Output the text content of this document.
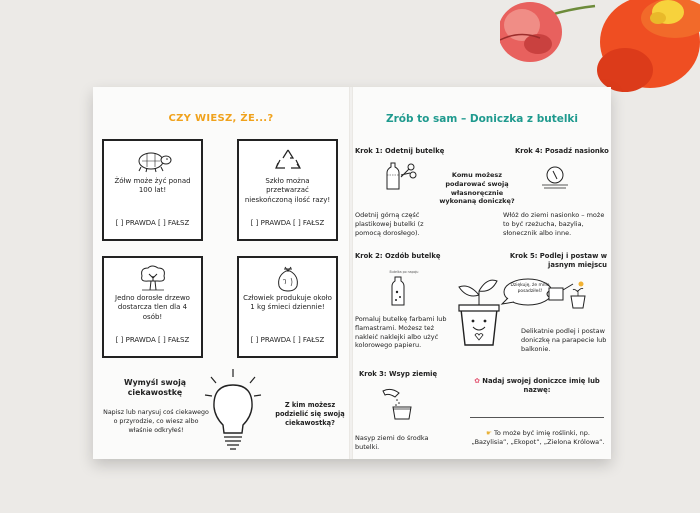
CZY WIESZ, ŻE...?
Żółw może żyć ponad 100 lat!
[ ] PRAWDA [ ] FAŁSZ
Szkło można przetwarzać nieskończoną ilość razy!
[ ] PRAWDA [ ] FAŁSZ
Jedno dorosłe drzewo dostarcza tlen dla 4 osób!
[ ] PRAWDA [ ] FAŁSZ
Człowiek produkuje około 1 kg śmieci dziennie!
[ ] PRAWDA [ ] FAŁSZ
Wymyśl swoją ciekawostkę
Napisz lub narysuj coś ciekawego o przyrodzie, co wiesz albo właśnie odkryłeś!
Z kim możesz podzielić się swoją ciekawostką?
Zrób to sam – Doniczka z butelki
Krok 1: Odetnij butelkę
Odetnij górną część plastikowej butelki (z pomocą dorosłego).
Komu możesz podarować swoją własnoręcznie wykonaną doniczkę?
Krok 4: Posadź nasionko
Włóż do ziemi nasionko – może to być rzeżucha, bazylia, słonecznik albo inne.
Krok 2: Ozdób butelkę
Butelka po napoju
Pomaluj butelkę farbami lub flamastrami. Możesz też nakleić naklejki albo użyć kolorowego papieru.
Krok 5: Podlej i postaw w jasnym miejscu
Dziękuję, że mnie posadziłeś!
Delikatnie podlej i postaw doniczkę na parapecie lub balkonie.
Krok 3: Wsyp ziemię
Nasyp ziemi do środka butelki.
✿ Nadaj swojej doniczce imię lub nazwę:
☛ To może być imię roślinki, np. „Bazylisia”, „Ekopot”, „Zielona Królowa”.
